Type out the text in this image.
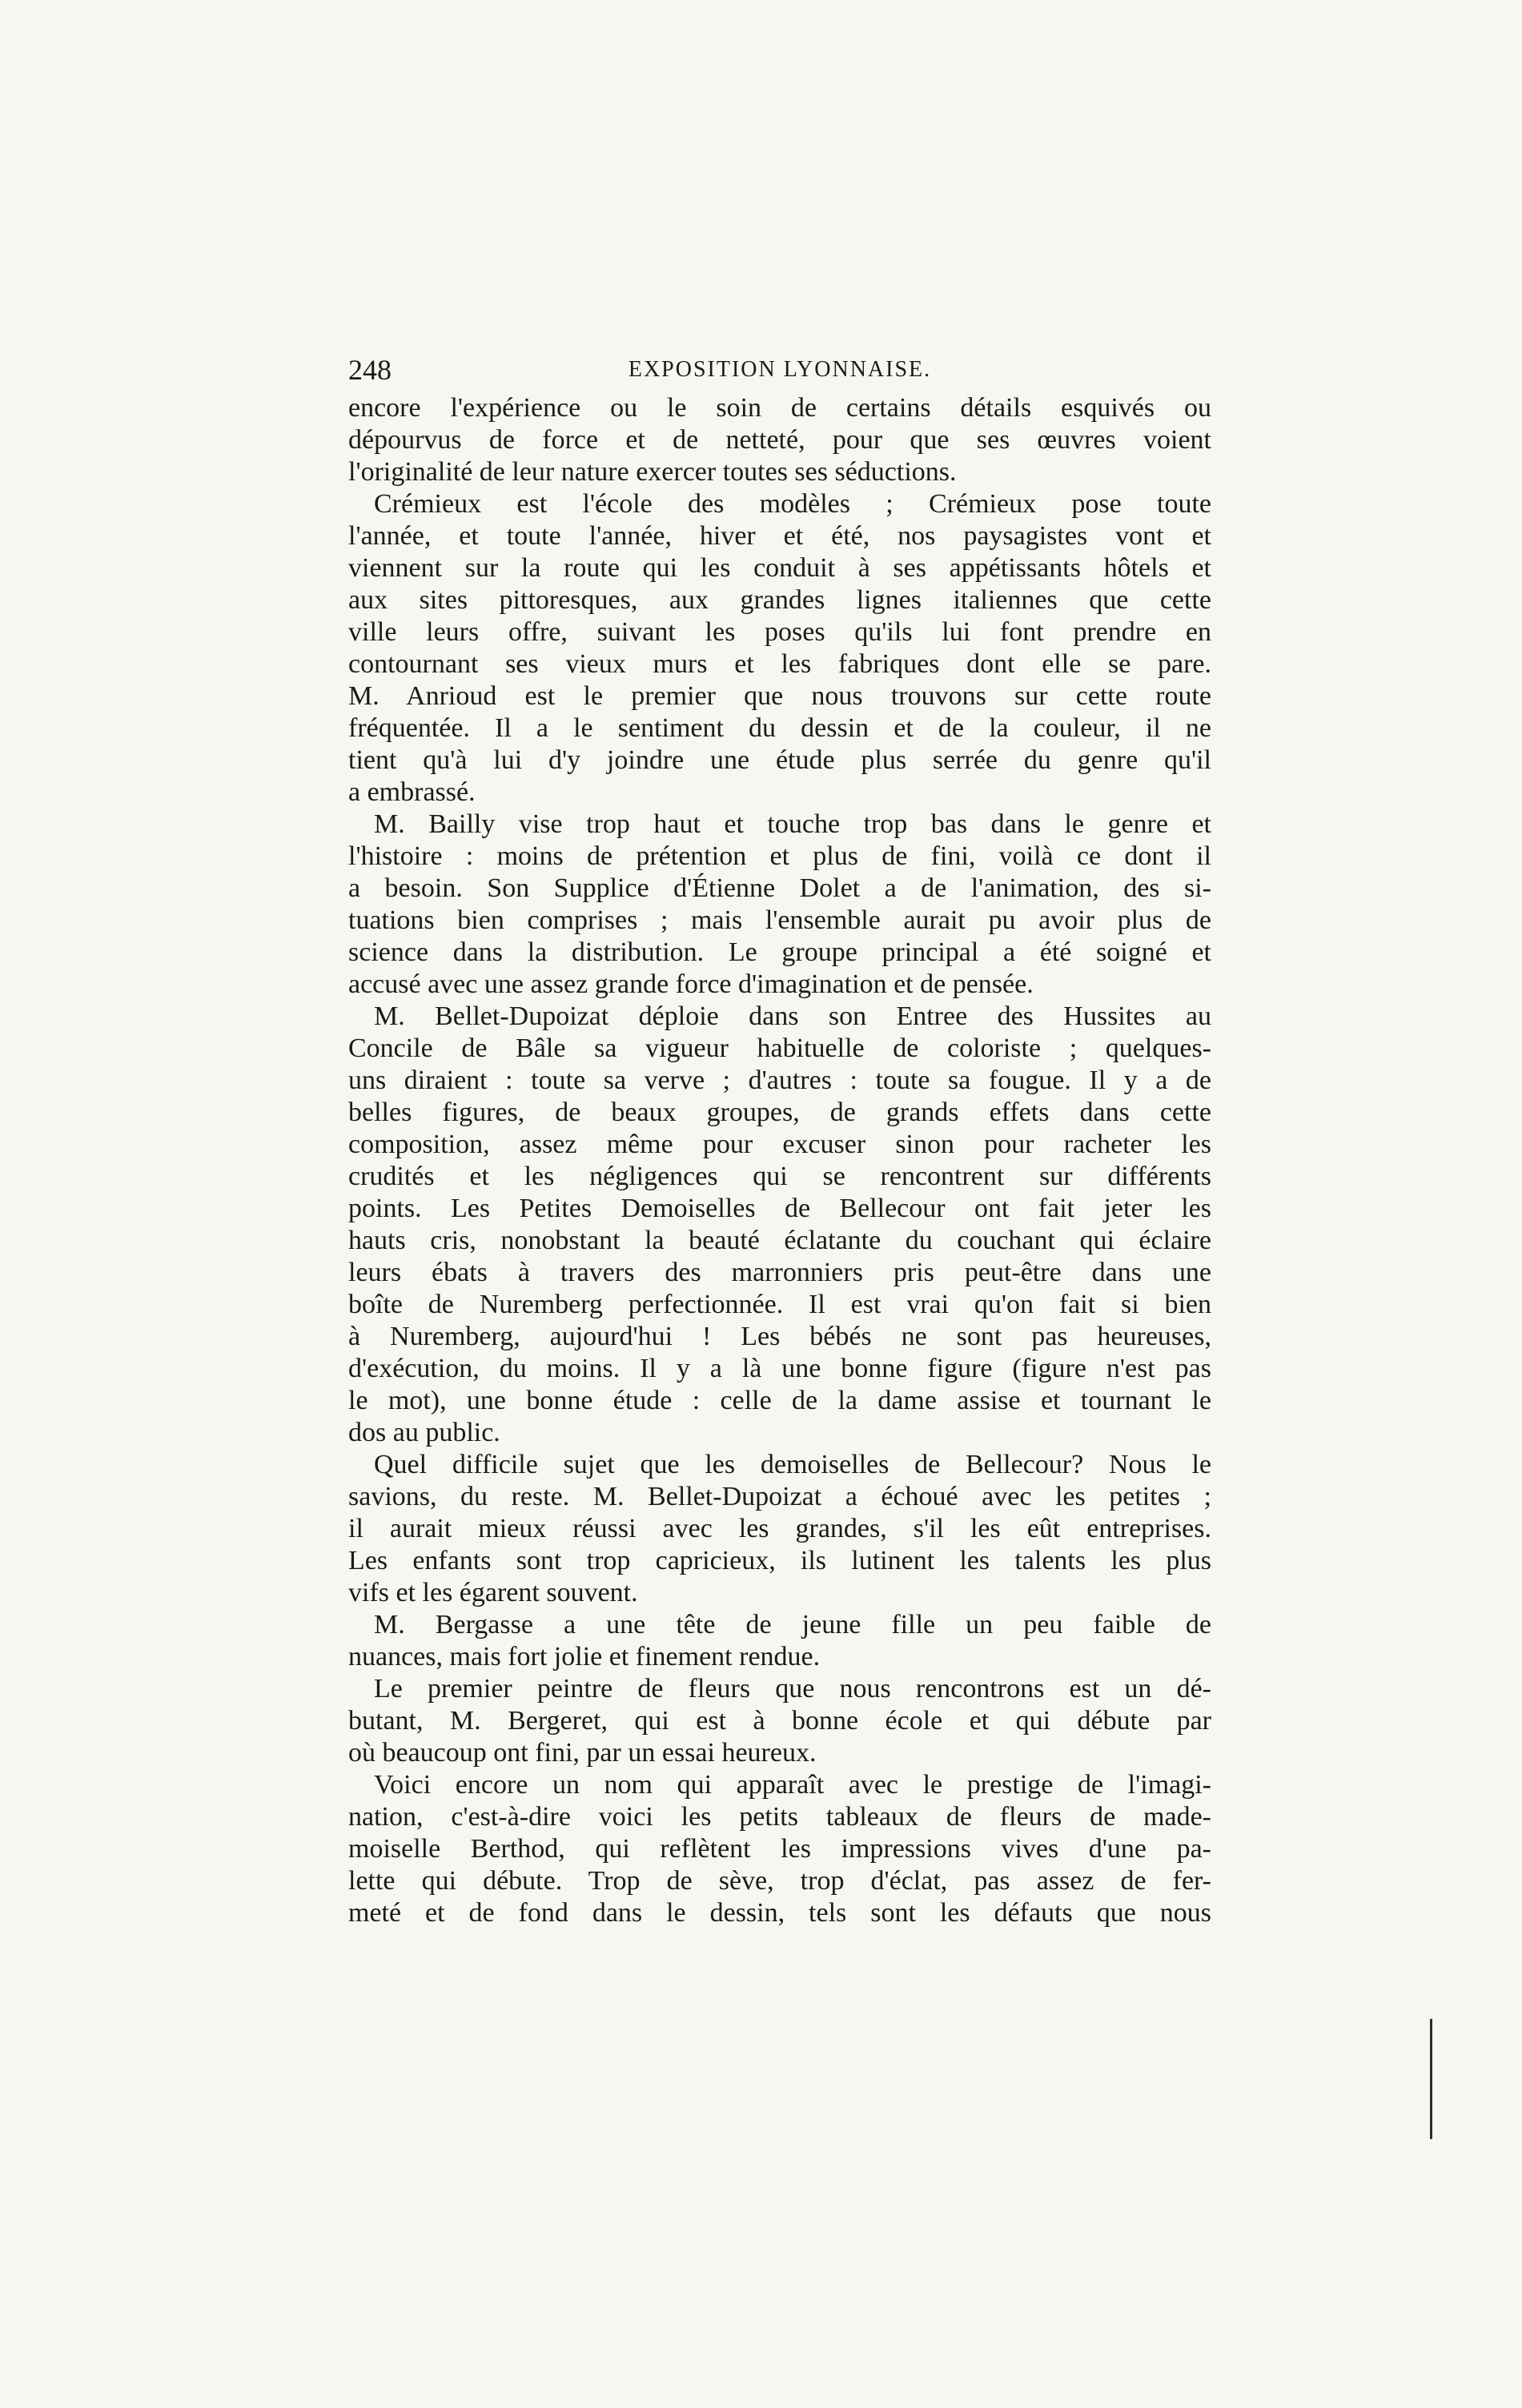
248	EXPOSITION LYONNAISE.
encore l'expérience ou le soin de certains détails esquivés ou
dépourvus de force et de netteté, pour que ses œuvres voient
l'originalité de leur nature exercer toutes ses séductions.
Crémieux est l'école des modèles ; Crémieux pose toute
l'année, et toute l'année, hiver et été, nos paysagistes vont et
viennent sur la route qui les conduit à ses appétissants hôtels et
aux sites pittoresques, aux grandes lignes italiennes que cette
ville leurs offre, suivant les poses qu'ils lui font prendre en
contournant ses vieux murs et les fabriques dont elle se pare.
M. Anrioud est le premier que nous trouvons sur cette route
fréquentée. Il a le sentiment du dessin et de la couleur, il ne
tient qu'à lui d'y joindre une étude plus serrée du genre qu'il
a embrassé.
M. Bailly vise trop haut et touche trop bas dans le genre et
l'histoire : moins de prétention et plus de fini, voilà ce dont il
a besoin. Son Supplice d'Étienne Dolet a de l'animation, des si-
tuations bien comprises ; mais l'ensemble aurait pu avoir plus de
science dans la distribution. Le groupe principal a été soigné et
accusé avec une assez grande force d'imagination et de pensée.
M. Bellet-Dupoizat déploie dans son Entree des Hussites au
Concile de Bâle sa vigueur habituelle de coloriste ; quelques-
uns diraient : toute sa verve ; d'autres : toute sa fougue. Il y a de
belles figures, de beaux groupes, de grands effets dans cette
composition, assez même pour excuser sinon pour racheter les
crudités et les négligences qui se rencontrent sur différents
points. Les Petites Demoiselles de Bellecour ont fait jeter les
hauts cris, nonobstant la beauté éclatante du couchant qui éclaire
leurs ébats à travers des marronniers pris peut-être dans une
boîte de Nuremberg perfectionnée. Il est vrai qu'on fait si bien
à Nuremberg, aujourd'hui ! Les bébés ne sont pas heureuses,
d'exécution, du moins. Il y a là une bonne figure (figure n'est pas
le mot), une bonne étude : celle de la dame assise et tournant le
dos au public.
Quel difficile sujet que les demoiselles de Bellecour? Nous le
savions, du reste. M. Bellet-Dupoizat a échoué avec les petites ;
il aurait mieux réussi avec les grandes, s'il les eût entreprises.
Les enfants sont trop capricieux, ils lutinent les talents les plus
vifs et les égarent souvent.
M. Bergasse a une tête de jeune fille un peu faible de
nuances, mais fort jolie et finement rendue.
Le premier peintre de fleurs que nous rencontrons est un dé-
butant, M. Bergeret, qui est à bonne école et qui débute par
où beaucoup ont fini, par un essai heureux.
Voici encore un nom qui apparaît avec le prestige de l'imagi-
nation, c'est-à-dire voici les petits tableaux de fleurs de made-
moiselle Berthod, qui reflètent les impressions vives d'une pa-
lette qui débute. Trop de sève, trop d'éclat, pas assez de fer-
meté et de fond dans le dessin, tels sont les défauts que nous
